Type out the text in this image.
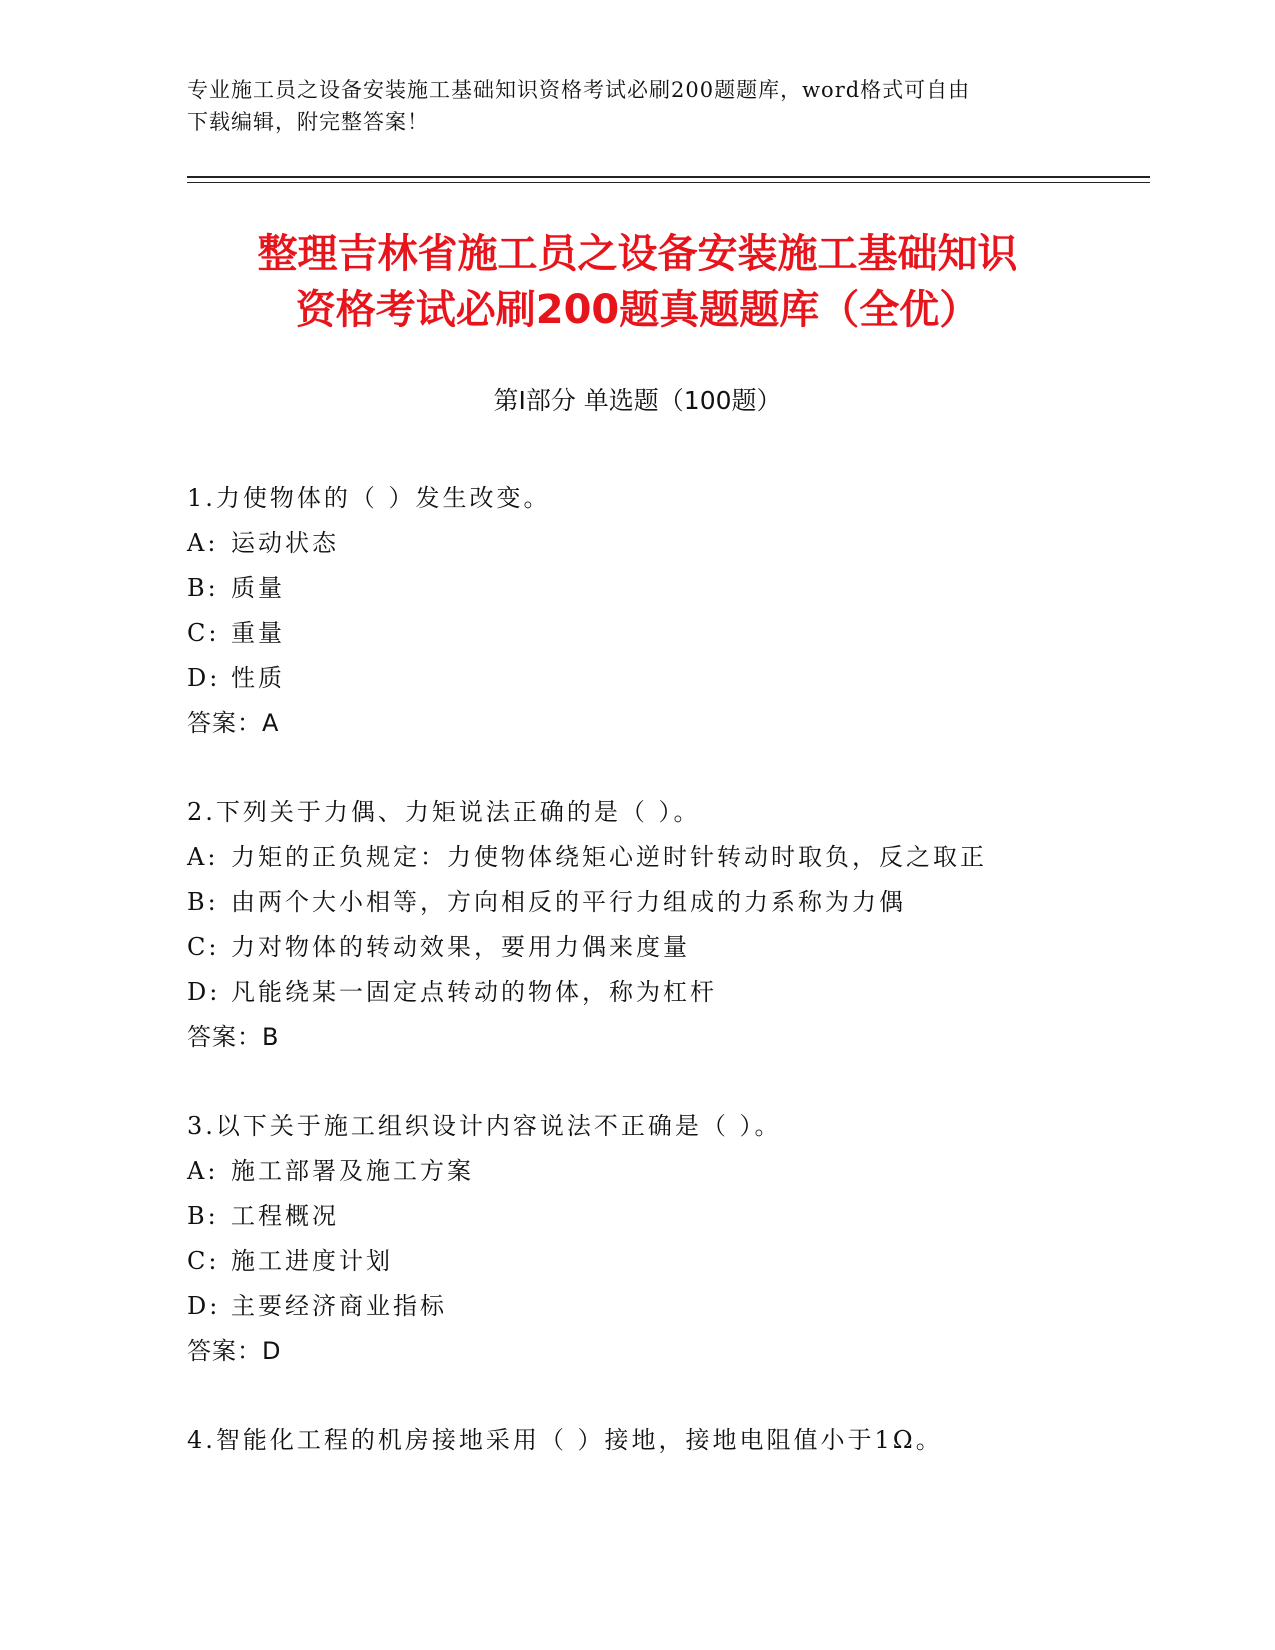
专业施工员之设备安装施工基础知识资格考试必刷200题题库，word格式可自由
下载编辑，附完整答案！
整理吉林省施工员之设备安装施工基础知识
资格考试必刷200题真题题库（全优）
第Ⅰ部分 单选题（100题）
1.力使物体的（ ）发生改变。
A: 运动状态
B: 质量
C: 重量
D: 性质
答案：A
2.下列关于力偶、力矩说法正确的是（ ）。
A: 力矩的正负规定：力使物体绕矩心逆时针转动时取负，反之取正
B: 由两个大小相等，方向相反的平行力组成的力系称为力偶
C: 力对物体的转动效果，要用力偶来度量
D: 凡能绕某一固定点转动的物体，称为杠杆
答案：B
3.以下关于施工组织设计内容说法不正确是（ ）。
A: 施工部署及施工方案
B: 工程概况
C: 施工进度计划
D: 主要经济商业指标
答案：D
4.智能化工程的机房接地采用（ ）接地，接地电阻值小于1Ω。
